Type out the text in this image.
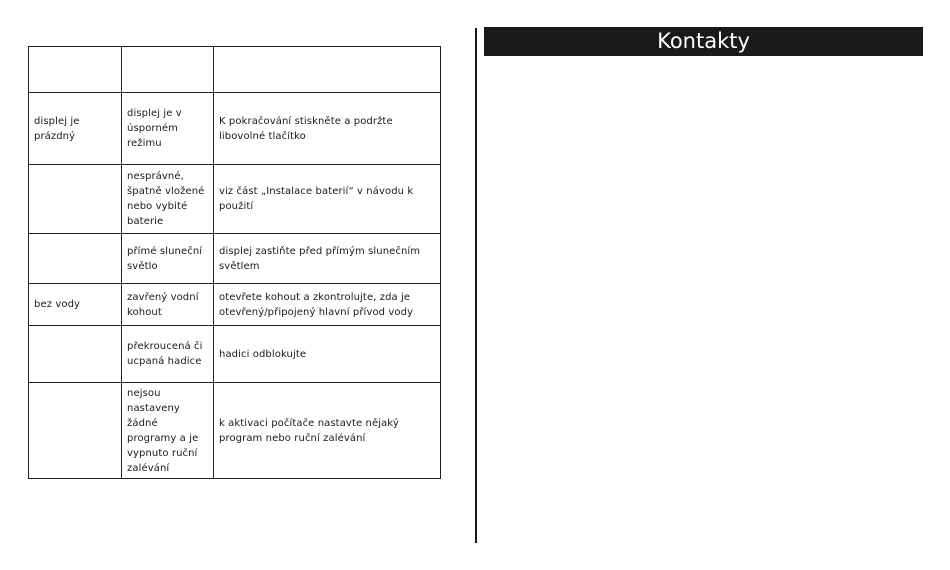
displej je prázdný	displej je v úsporném režimu	K pokračování stiskněte a podržte libovolné tlačítko
	nesprávné, špatně vložené nebo vybité baterie	viz část „Instalace baterií“ v návodu k použití
	přímé sluneční světlo	displej zastiňte před přímým slunečním světlem
bez vody	zavřený vodní kohout	otevřete kohout a zkontrolujte, zda je otevřený/připojený hlavní přívod vody
	překroucená či ucpaná hadice	hadici odblokujte
	nejsou nastaveny žádné programy a je vypnuto ruční zalévání	k aktivaci počítače nastavte nějaký program nebo ruční zalévání
Kontakty
